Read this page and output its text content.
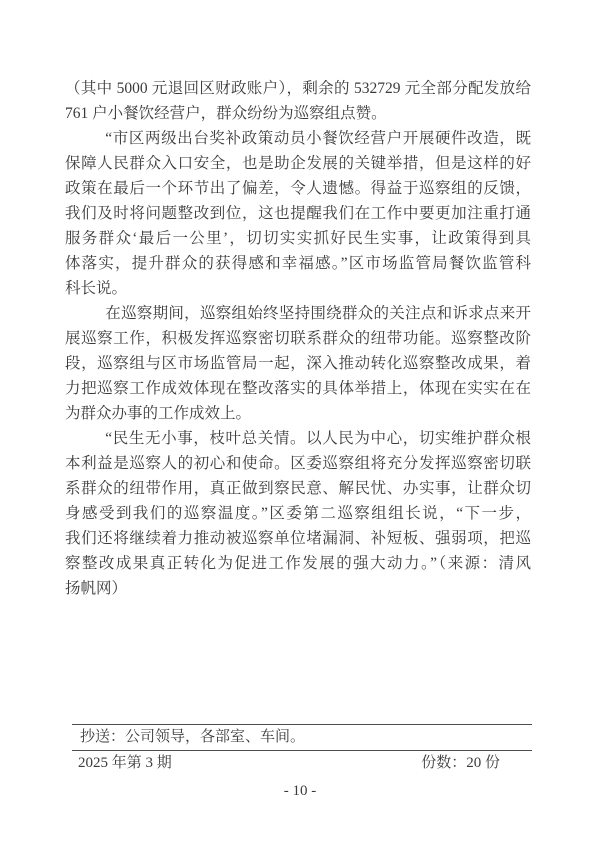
（其中 5000 元退回区财政账户），剩余的 532729 元全部分配发放给
761 户小餐饮经营户，群众纷纷为巡察组点赞。
“市区两级出台奖补政策动员小餐饮经营户开展硬件改造，既
保障人民群众入口安全，也是助企发展的关键举措，但是这样的好
政策在最后一个环节出了偏差，令人遗憾。得益于巡察组的反馈，
我们及时将问题整改到位，这也提醒我们在工作中要更加注重打通
服务群众‘最后一公里’，切切实实抓好民生实事，让政策得到具
体落实，提升群众的获得感和幸福感。”区市场监管局餐饮监管科
科长说。
在巡察期间，巡察组始终坚持围绕群众的关注点和诉求点来开
展巡察工作，积极发挥巡察密切联系群众的纽带功能。巡察整改阶
段，巡察组与区市场监管局一起，深入推动转化巡察整改成果，着
力把巡察工作成效体现在整改落实的具体举措上，体现在实实在在
为群众办事的工作成效上。
“民生无小事，枝叶总关情。以人民为中心，切实维护群众根
本利益是巡察人的初心和使命。区委巡察组将充分发挥巡察密切联
系群众的纽带作用，真正做到察民意、解民忧、办实事，让群众切
身感受到我们的巡察温度。”区委第二巡察组组长说，“下一步，
我们还将继续着力推动被巡察单位堵漏洞、补短板、强弱项，把巡
察整改成果真正转化为促进工作发展的强大动力。”（来源：清风
扬帆网）
抄送：公司领导，各部室、车间。
2025 年第 3 期	份数：20 份
- 10 -
